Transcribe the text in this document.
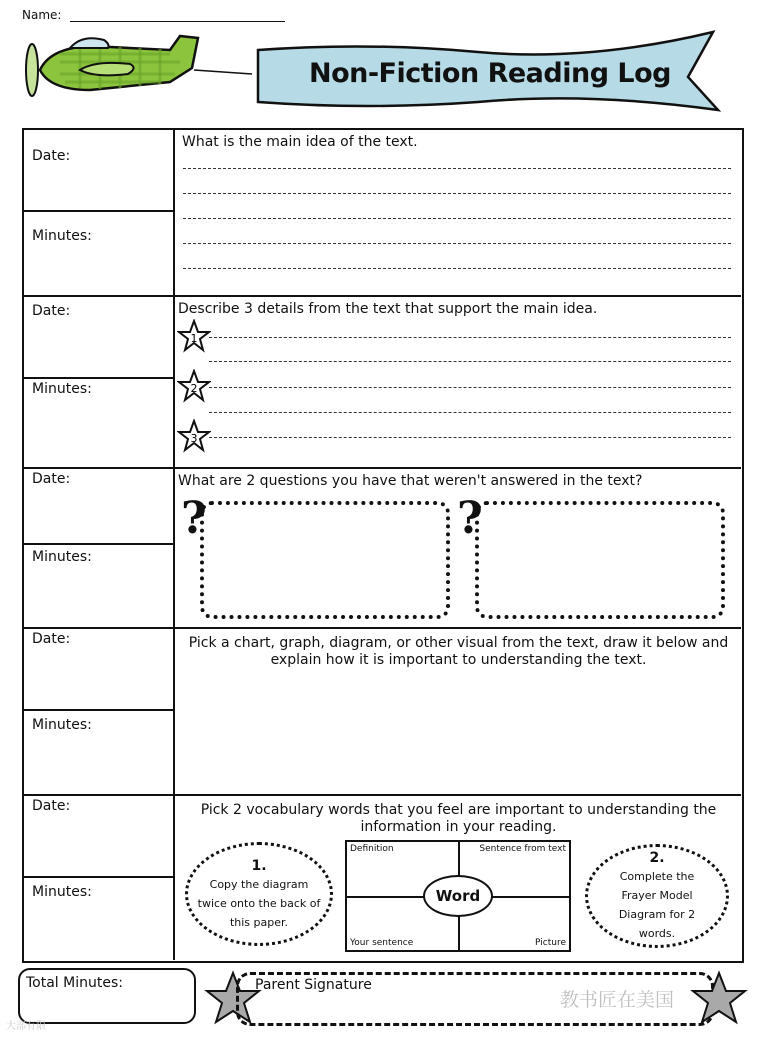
Name:
Non-Fiction Reading Log
Date:
Minutes:
What is the main idea of the text.
Date:
Minutes:
Describe 3 details from the text that support the main idea.
1
2
3
Date:
Minutes:
What are 2 questions you have that weren't answered in the text?
?	?
Date:
Minutes:
Pick a chart, graph, diagram, or other visual from the text, draw it below and explain how it is important to understanding the text.
Date:
Minutes:
Pick 2 vocabulary words that you feel are important to understanding the information in your reading.
1.
Copy the diagram
twice onto the back of
this paper.
Definition	Sentence from text
Your sentence	Picture
Word
2.
Complete the
Frayer Model
Diagram for 2
words.
Total Minutes:	Parent Signature
教书匠在美国
大部有限
